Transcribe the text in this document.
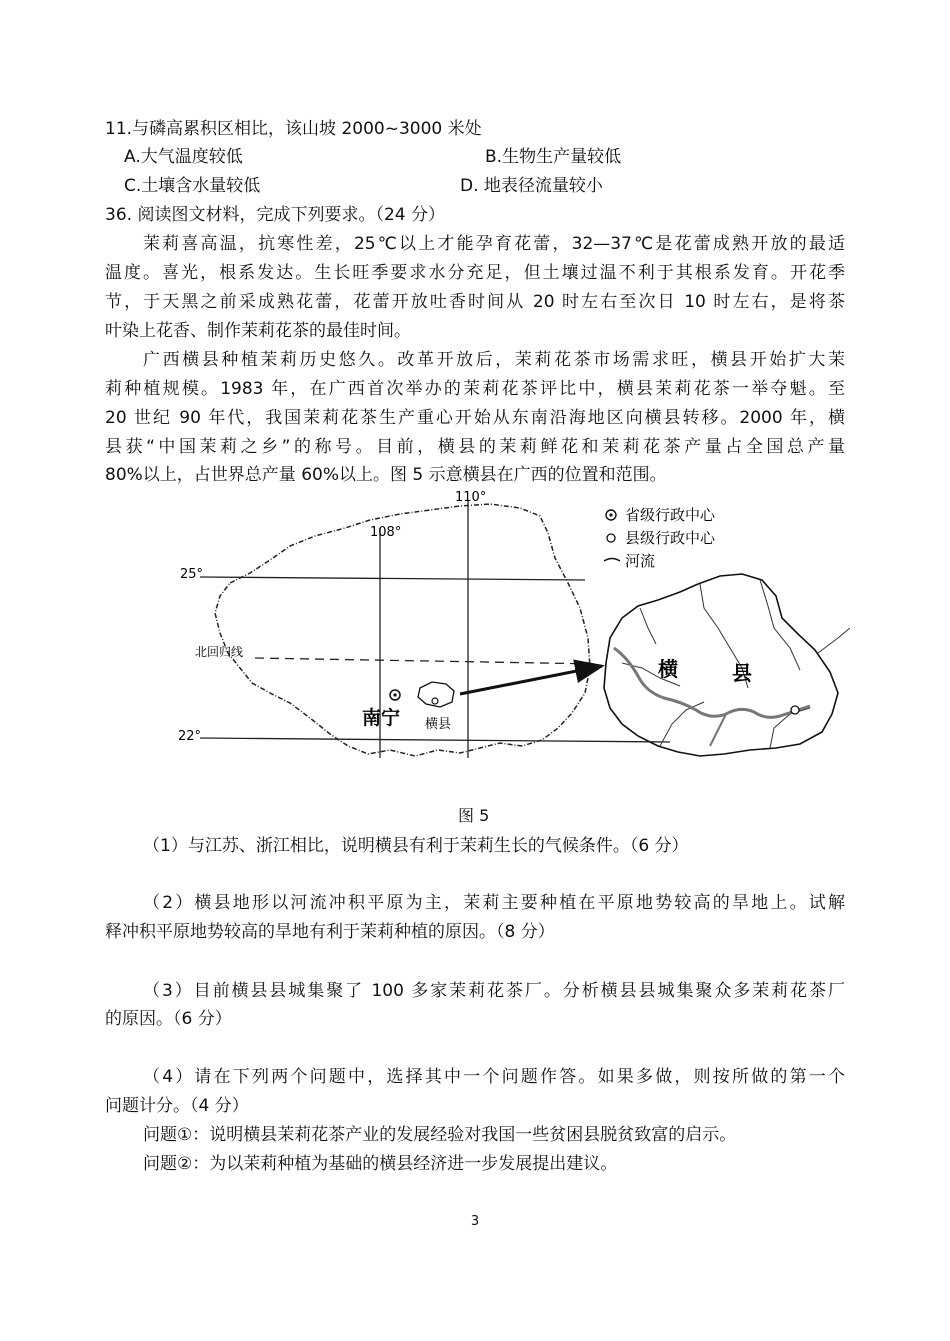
11.与磷高累积区相比，该山坡 2000~3000 米处
A.大气温度较低	B.生物生产量较低
C.土壤含水量较低	D. 地表径流量较小
36. 阅读图文材料，完成下列要求。（24 分）
茉莉喜高温，抗寒性差，25℃以上才能孕育花蕾，32—37℃是花蕾成熟开放的最适
温度。喜光，根系发达。生长旺季要求水分充足，但土壤过温不利于其根系发育。开花季
节，于天黑之前采成熟花蕾，花蕾开放吐香时间从 20 时左右至次日 10 时左右，是将茶
叶染上花香、制作茉莉花茶的最佳时间。
广西横县种植茉莉历史悠久。改革开放后，茉莉花茶市场需求旺，横县开始扩大茉
莉种植规模。1983 年，在广西首次举办的茉莉花茶评比中，横县茉莉花茶一举夺魁。至
20 世纪 90 年代，我国茉莉花茶生产重心开始从东南沿海地区向横县转移。2000 年，横
县获“中国茉莉之乡”的称号。目前，横县的茉莉鲜花和茉莉花茶产量占全国总产量
80%以上，占世界总产量 60%以上。图 5 示意横县在广西的位置和范围。
110°
108°
25°
22°
北回归线
南宁 横县
省级行政中心
县级行政中心
河流
横	县
图 5
（1）与江苏、浙江相比，说明横县有利于茉莉生长的气候条件。（6 分）
（2）横县地形以河流冲积平原为主，茉莉主要种植在平原地势较高的旱地上。试解
释冲积平原地势较高的旱地有利于茉莉种植的原因。（8 分）
（3）目前横县县城集聚了 100 多家茉莉花茶厂。分析横县县城集聚众多茉莉花茶厂
的原因。（6 分）
（4）请在下列两个问题中，选择其中一个问题作答。如果多做，则按所做的第一个
问题计分。（4 分）
问题①：说明横县茉莉花茶产业的发展经验对我国一些贫困县脱贫致富的启示。
问题②：为以茉莉种植为基础的横县经济进一步发展提出建议。
3
